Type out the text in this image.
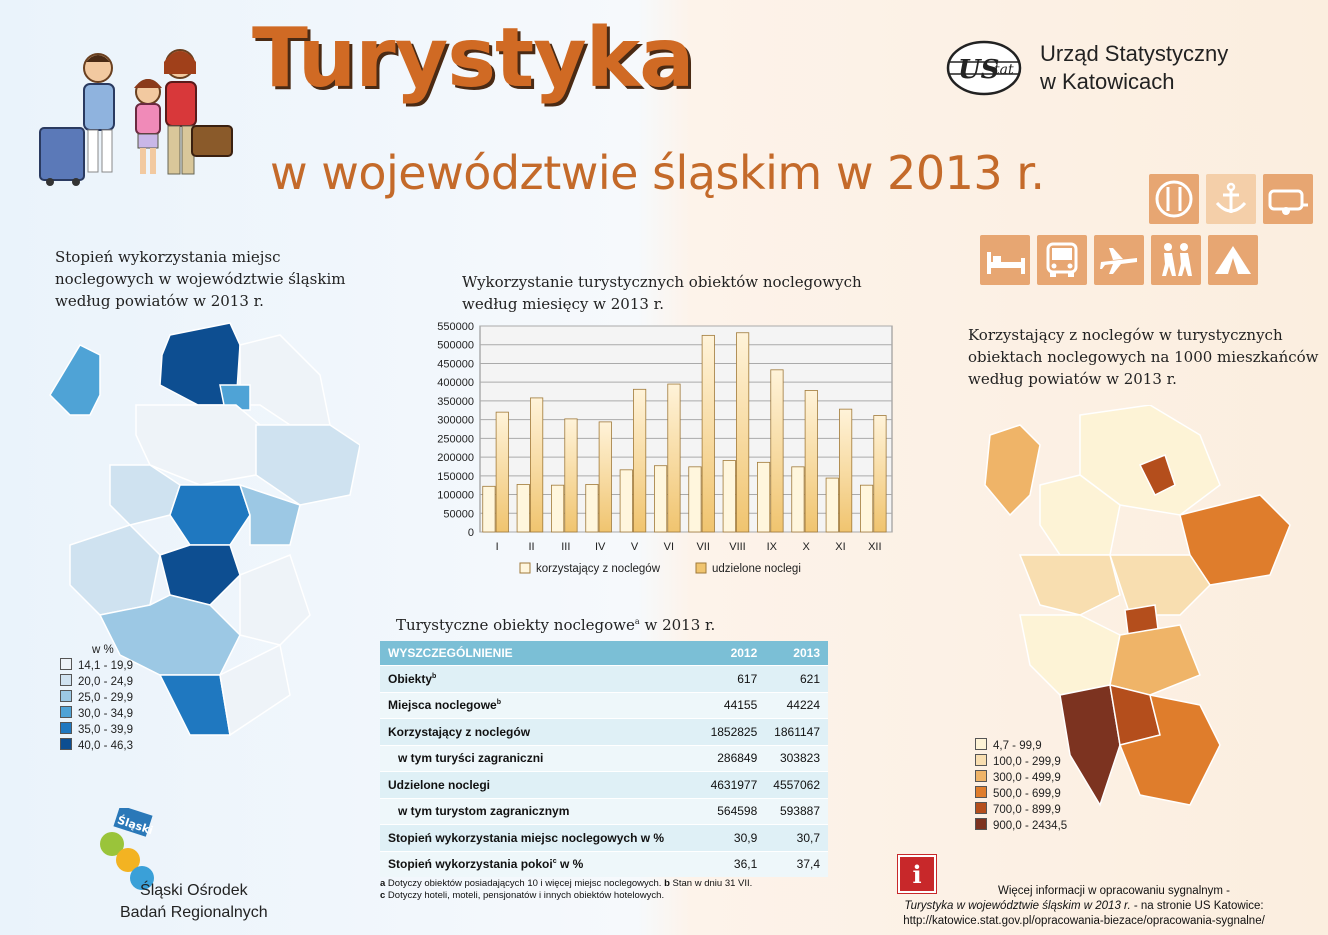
Turystyka
w województwie śląskim w 2013 r.
US
tat
Urząd Statystyczny
w Katowicach
Stopień wykorzystania miejsc
noclegowych w województwie śląskim
według powiatów w 2013 r.
w %
14,1 - 19,9
20,0 - 24,9
25,0 - 29,9
30,0 - 34,9
35,0 - 39,9
40,0 - 46,3
Wykorzystanie turystycznych obiektów noclegowych
według miesięcy w 2013 r.
550000
500000
450000
400000
350000
300000
250000
200000
150000
100000
50000
0
I	II III IV V VI VII VIII IX X XI XII
korzystający z noclegów	udzielone noclegi
Turystyczne obiekty noclegowe$^a$ w 2013 r.
WYSZCZEGÓLNIENIE	2012	2013
Obiekty$^b$	617	621
Miejsca noclegowe$^b$	44155	44224
Korzystający z noclegów	1852825	1861147
w tym turyści zagraniczni	286849	303823
Udzielone noclegi	4631977	4557062
w tym turystom zagranicznym	564598	593887
Stopień wykorzystania miejsc noclegowych w %	30,9	30,7
Stopień wykorzystania pokoi$^c$ w %	36,1	37,4
a Dotyczy obiektów posiadających 10 i więcej miejsc noclegowych. b Stan w dniu 31 VII.
c Dotyczy hoteli, moteli, pensjonatów i innych obiektów hotelowych.
Korzystający z noclegów w turystycznych
obiektach noclegowych na 1000 mieszkańców
według powiatów w 2013 r.
4,7 - 99,9
100,0 - 299,9
300,0 - 499,9
500,0 - 699,9
700,0 - 899,9
900,0 - 2434,5
Śląski
Śląski Ośrodek
Badań Regionalnych
i
Więcej informacji w opracowaniu sygnalnym -
Turystyka w województwie śląskim w 2013 r. - na stronie US Katowice:
http://katowice.stat.gov.pl/opracowania-biezace/opracowania-sygnalne/
